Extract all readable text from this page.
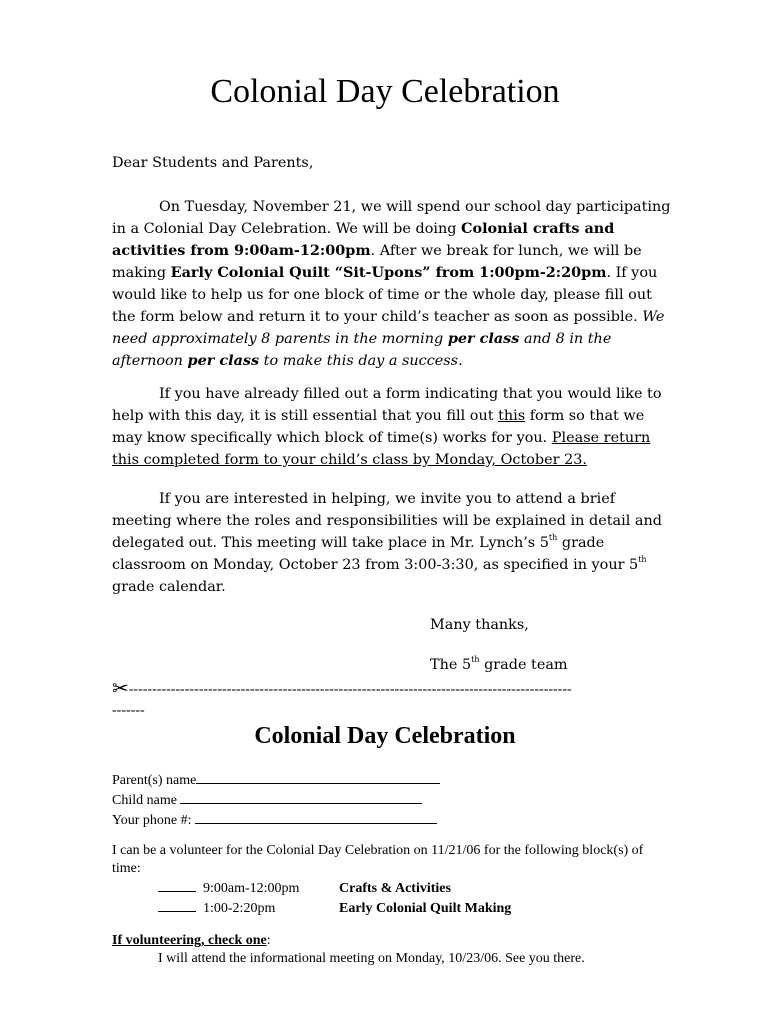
Colonial Day Celebration
Dear Students and Parents,
On Tuesday, November 21, we will spend our school day participating in a Colonial Day Celebration. We will be doing Colonial crafts and activities from 9:00am-12:00pm. After we break for lunch, we will be making Early Colonial Quilt “Sit-Upons” from 1:00pm-2:20pm. If you would like to help us for one block of time or the whole day, please fill out the form below and return it to your child’s teacher as soon as possible. We need approximately 8 parents in the morning per class and 8 in the afternoon per class to make this day a success.
If you have already filled out a form indicating that you would like to help with this day, it is still essential that you fill out this form so that we may know specifically which block of time(s) works for you. Please return this completed form to your child’s class by Monday, October 23.
If you are interested in helping, we invite you to attend a brief meeting where the roles and responsibilities will be explained in detail and delegated out. This meeting will take place in Mr. Lynch’s 5th grade classroom on Monday, October 23 from 3:00-3:30, as specified in your 5th grade calendar.
Many thanks,
The 5th grade team
✂-----------------------------------------------------------------------------------------------
-------
Colonial Day Celebration
Parent(s) name
Child name
Your phone #:
I can be a volunteer for the Colonial Day Celebration on 11/21/06 for the following block(s) of time:
9:00am-12:00pm	Crafts & Activities
1:00-2:20pm	Early Colonial Quilt Making
If volunteering, check one:
I will attend the informational meeting on Monday, 10/23/06. See you there.
